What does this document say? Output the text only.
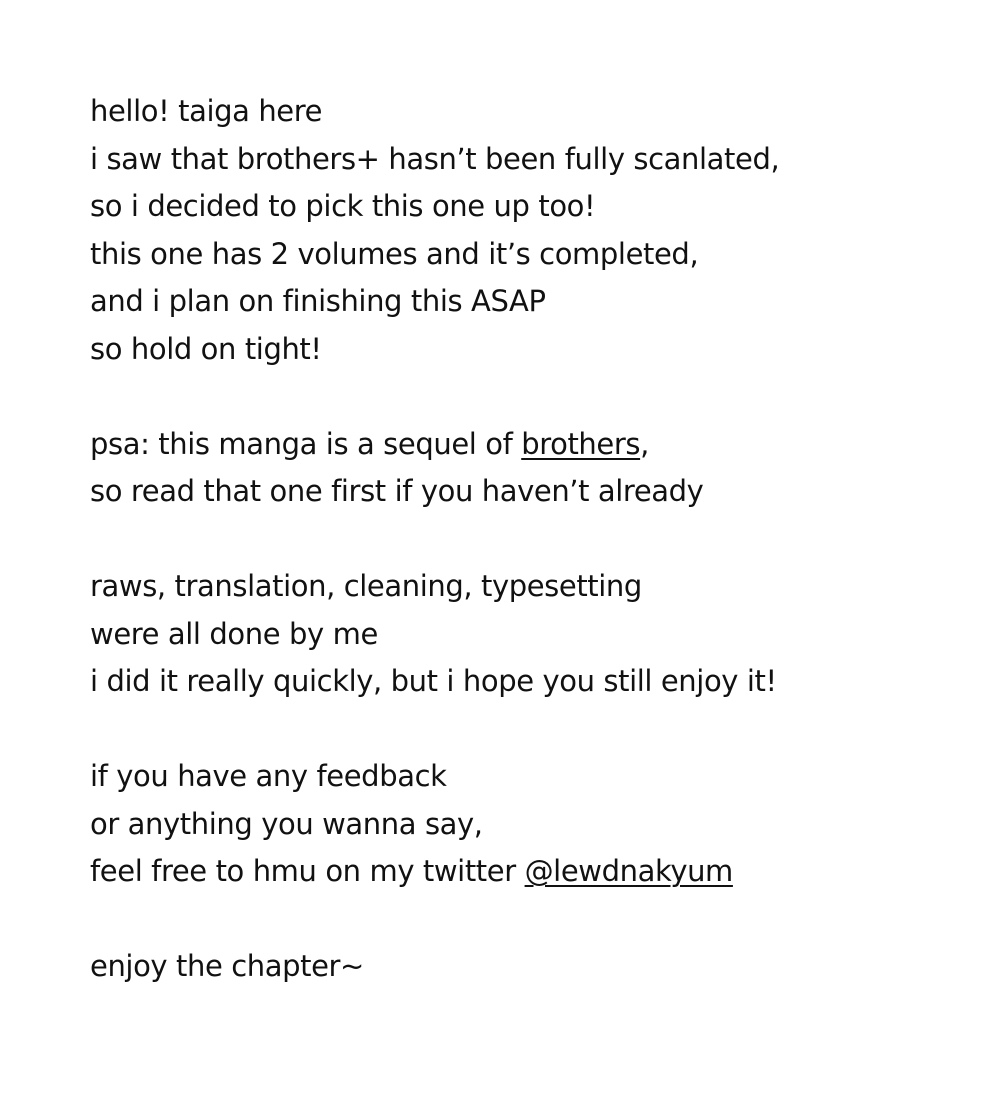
hello! taiga here
i saw that brothers+ hasn’t been fully scanlated,
so i decided to pick this one up too!
this one has 2 volumes and it’s completed,
and i plan on finishing this ASAP
so hold on tight!
psa: this manga is a sequel of brothers,
so read that one first if you haven’t already
raws, translation, cleaning, typesetting
were all done by me
i did it really quickly, but i hope you still enjoy it!
if you have any feedback
or anything you wanna say,
feel free to hmu on my twitter @lewdnakyum
enjoy the chapter~
